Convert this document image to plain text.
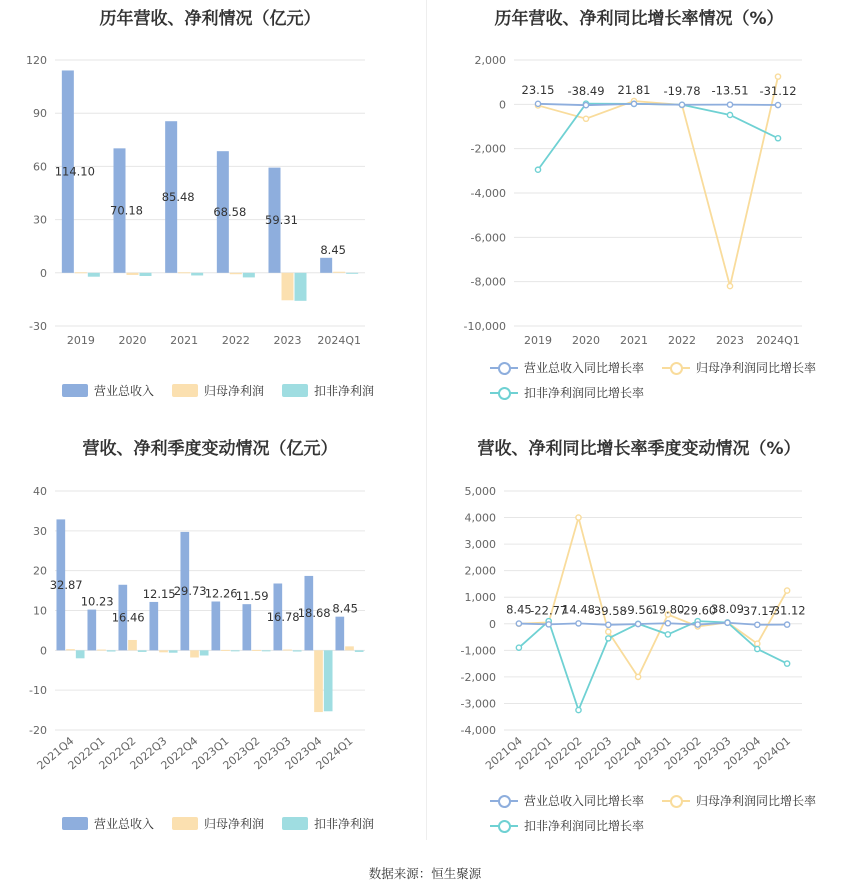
历年营收、净利情况（亿元）
120
90
60
30
0
-30
114.10
2019
70.18
2020
85.48
2021
68.58
2022
59.31
2023
8.45
2024Q1
营业总收入	归母净利润	扣非净利润
历年营收、净利同比增长率情况（%）
2,000
0
-2,000
-4,000
-6,000
-8,000
-10,000
23.15
2019
-38.49
2020
21.81
2021
-19.78
2022
-13.51
2023
-31.12
2024Q1
营业总收入同比增长率	归母净利润同比增长率
扣非净利润同比增长率
营收、净利季度变动情况（亿元）
40
30
20
10
0
-10
-20
32.87
2021Q4
10.23
2022Q1
16.46
2022Q2
12.15
2022Q3
29.73
2022Q4
12.26
2023Q1
11.59
2023Q2
16.78
2023Q3
18.68
2023Q4
8.45
2024Q1
营业总收入	归母净利润	扣非净利润
营收、净利同比增长率季度变动情况（%）
5,000
4,000
3,000
2,000
1,000
0
-1,000
-2,000
-3,000
-4,000
8.45
2021Q4
-22.77
2022Q1
14.48
2022Q2
-39.58
2022Q3
-9.56
2022Q4
19.80
2023Q1
-29.60
2023Q2
38.09
2023Q3
-37.17
2023Q4
-31.12
2024Q1
营业总收入同比增长率	归母净利润同比增长率
扣非净利润同比增长率
数据来源：恒生聚源
